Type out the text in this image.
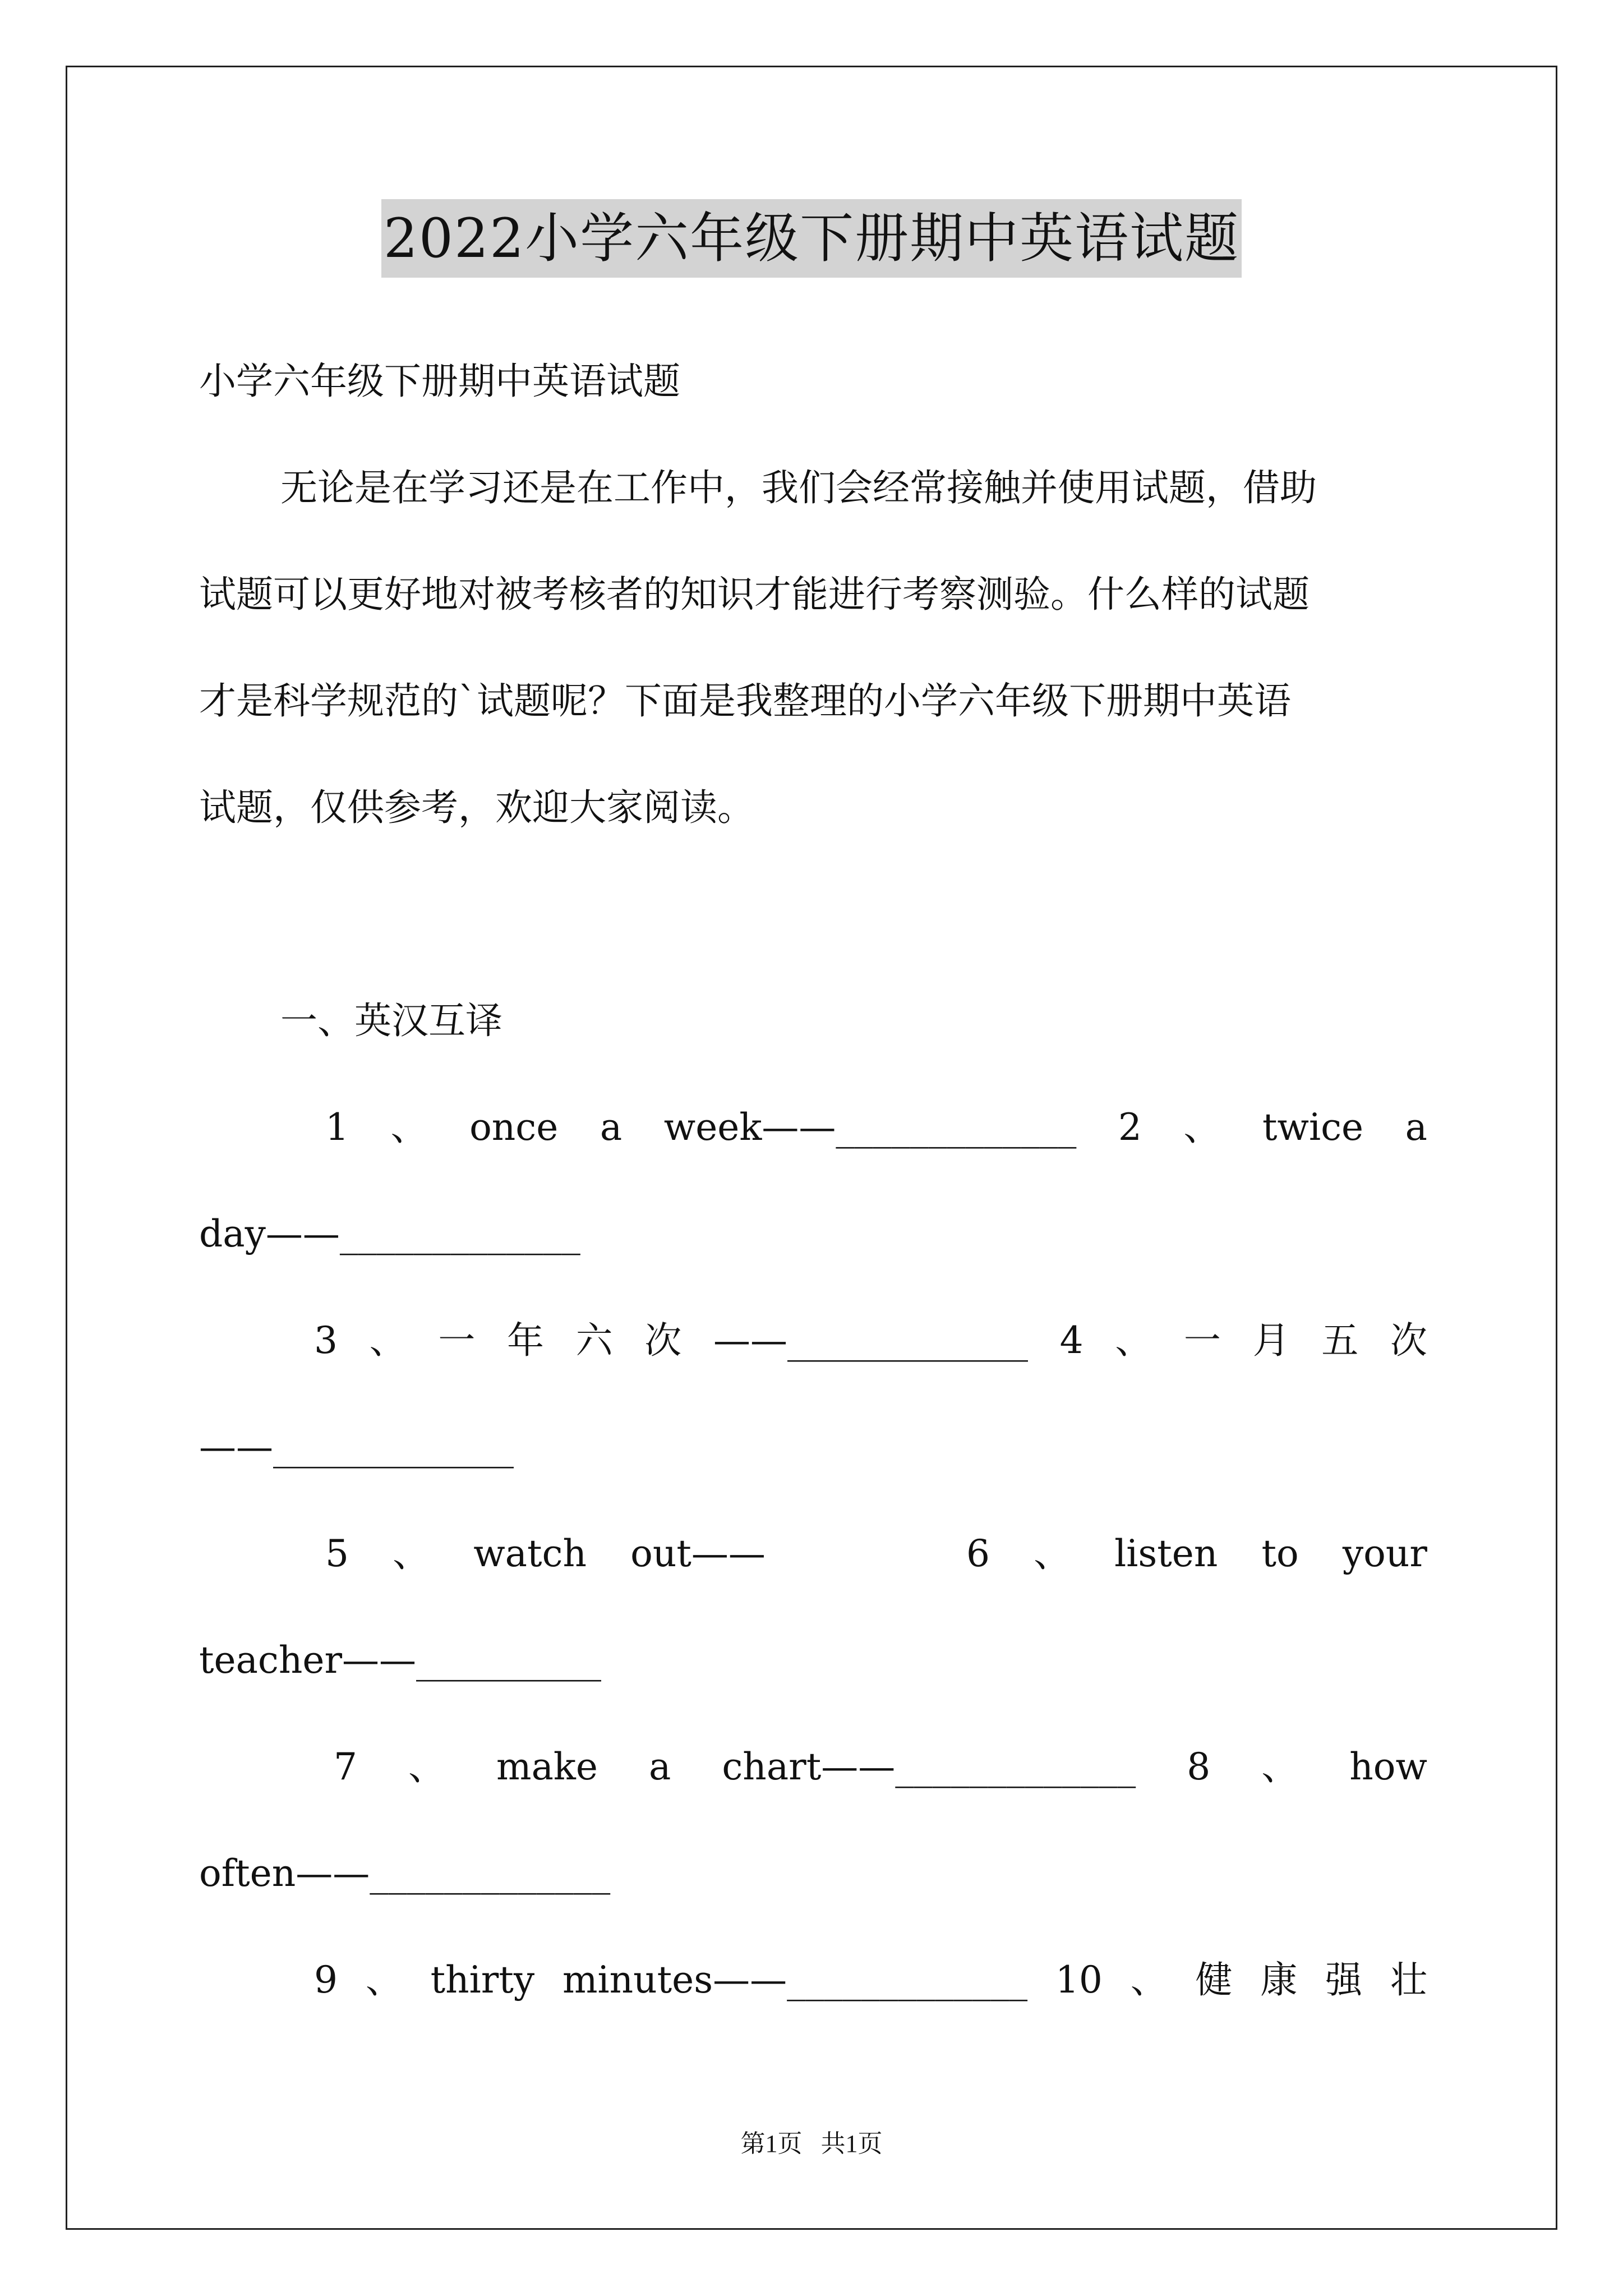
2022小学六年级下册期中英语试题
小学六年级下册期中英语试题
无论是在学习还是在工作中，我们会经常接触并使用试题，借助
试题可以更好地对被考核者的知识才能进行考察测验。什么样的试题
才是科学规范的`试题呢？下面是我整理的小学六年级下册期中英语
试题，仅供参考，欢迎大家阅读。
一、英汉互译
1 、 once a week——_____________ 2 、 twice a
day——_____________
3 、 一 年 六 次 ——_____________ 4 、 一 月 五 次
——_____________
5 、 watch out——	6 、 listen to your
teacher——__________
7 、 make a chart——_____________ 8 、 how
often——_____________
9 、 thirty minutes——_____________ 10 、 健 康 强 壮
第1页   共1页
